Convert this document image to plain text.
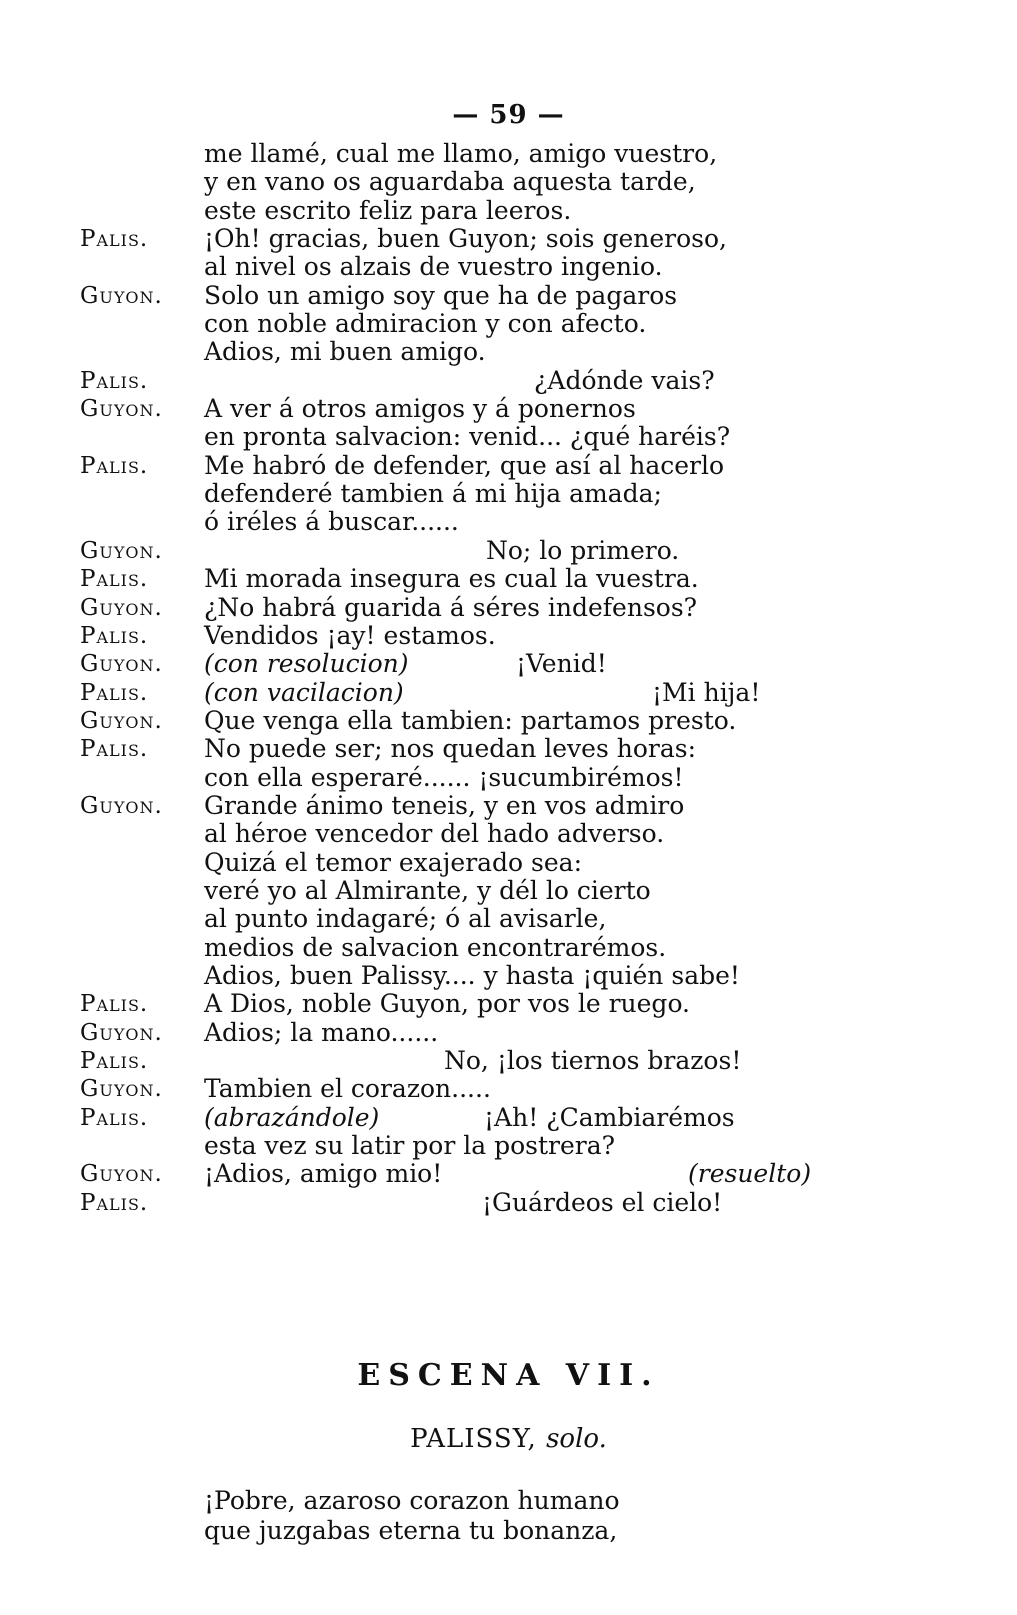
— 59 —
me llamé, cual me llamo, amigo vuestro,
y en vano os aguardaba aquesta tarde,
este escrito feliz para leeros.
Palis. ¡Oh! gracias, buen Guyon; sois generoso,
al nivel os alzais de vuestro ingenio.
Guyon. Solo un amigo soy que ha de pagaros
con noble admiracion y con afecto.
Adios, mi buen amigo.
Palis.	¿Adónde vais?
Guyon. A ver á otros amigos y á ponernos
en pronta salvacion: venid... ¿qué haréis?
Palis. Me habró de defender, que así al hacerlo
defenderé tambien á mi hija amada;
ó iréles á buscar......
Guyon.	No; lo primero.
Palis. Mi morada insegura es cual la vuestra.
Guyon. ¿No habrá guarida á séres indefensos?
Palis. Vendidos ¡ay! estamos.
Guyon. (con resolucion)	¡Venid!
Palis. (con vacilacion)	¡Mi hija!
Guyon. Que venga ella tambien: partamos presto.
Palis. No puede ser; nos quedan leves horas:
con ella esperaré...... ¡sucumbirémos!
Guyon. Grande ánimo teneis, y en vos admiro
al héroe vencedor del hado adverso.
Quizá el temor exajerado sea:
veré yo al Almirante, y dél lo cierto
al punto indagaré; ó al avisarle,
medios de salvacion encontrarémos.
Adios, buen Palissy.... y hasta ¡quién sabe!
Palis. A Dios, noble Guyon, por vos le ruego.
Guyon. Adios; la mano......
Palis.	No, ¡los tiernos brazos!
Guyon. Tambien el corazon.....
Palis. (abrazándole)	¡Ah! ¿Cambiarémos
esta vez su latir por la postrera?
Guyon. ¡Adios, amigo mio!	(resuelto)
Palis.	¡Guárdeos el cielo!
ESCENA VII.
PALISSY, solo.
¡Pobre, azaroso corazon humano
que juzgabas eterna tu bonanza,
